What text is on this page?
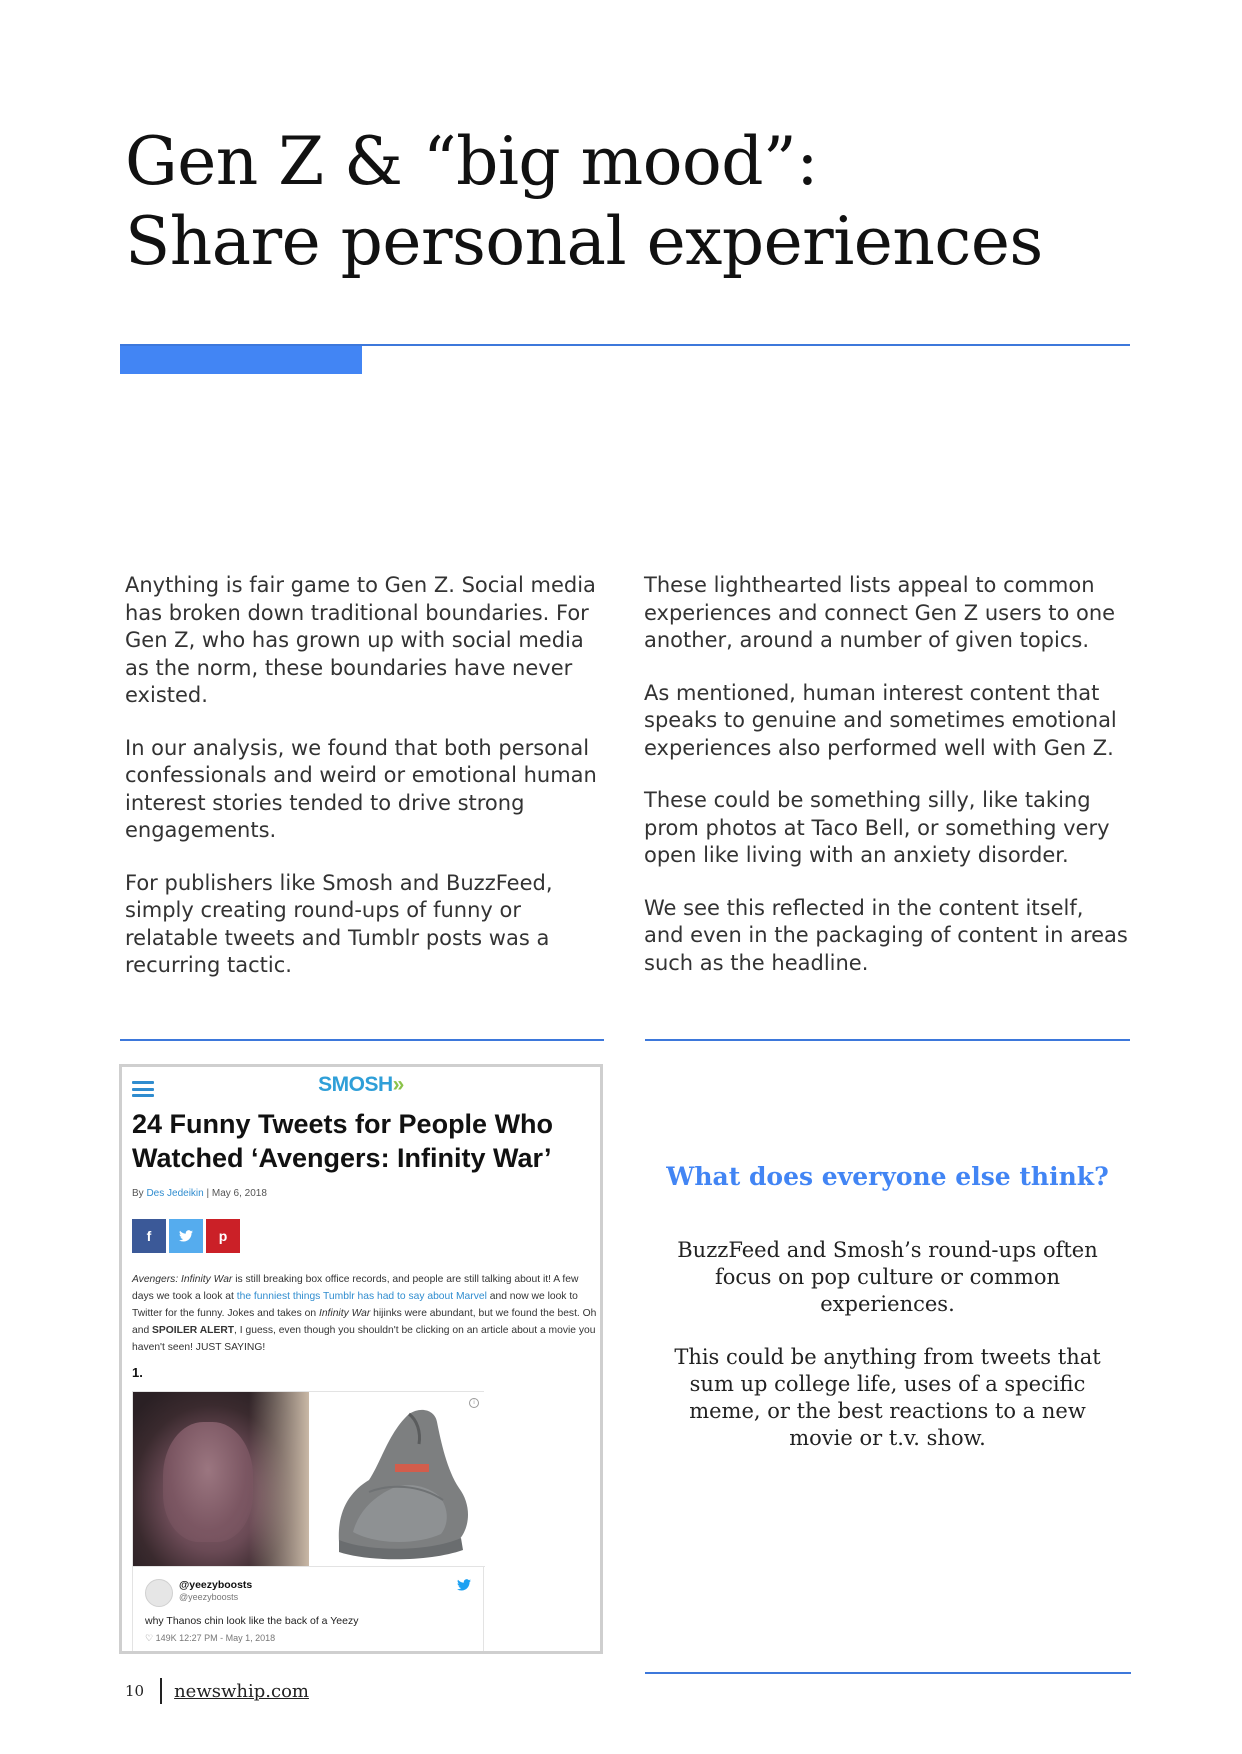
Gen Z & “big mood”:
Share personal experiences

Anything is fair game to Gen Z. Social media has broken down traditional boundaries. For Gen Z, who has grown up with social media as the norm, these boundaries have never existed.

In our analysis, we found that both personal confessionals and weird or emotional human interest stories tended to drive strong engagements.

For publishers like Smosh and BuzzFeed, simply creating round-ups of funny or relatable tweets and Tumblr posts was a recurring tactic.

These lighthearted lists appeal to common experiences and connect Gen Z users to one another, around a number of given topics.

As mentioned, human interest content that speaks to genuine and sometimes emotional experiences also performed well with Gen Z.

These could be something silly, like taking prom photos at Taco Bell, or something very open like living with an anxiety disorder.

We see this reflected in the content itself, and even in the packaging of content in areas such as the headline.

SMOSH»
24 Funny Tweets for People Who Watched ‘Avengers: Infinity War’
By Des Jedeikin | May 6, 2018
f	p
Avengers: Infinity War is still breaking box office records, and people are still talking about it! A few days we took a look at the funniest things Tumblr has had to say about Marvel and now we look to Twitter for the funny. Jokes and takes on Infinity War hijinks were abundant, but we found the best. Oh and SPOILER ALERT, I guess, even though you shouldn't be clicking on an article about a movie you haven't seen! JUST SAYING!
1.
i
@yeezyboosts
@yeezyboosts
why Thanos chin look like the back of a Yeezy
♡ 149K 12:27 PM - May 1, 2018
What does everyone else think?

BuzzFeed and Smosh’s round-ups often focus on pop culture or common experiences.

This could be anything from tweets that sum up college life, uses of a specific meme, or the best reactions to a new movie or t.v. show.

10 newswhip.com
